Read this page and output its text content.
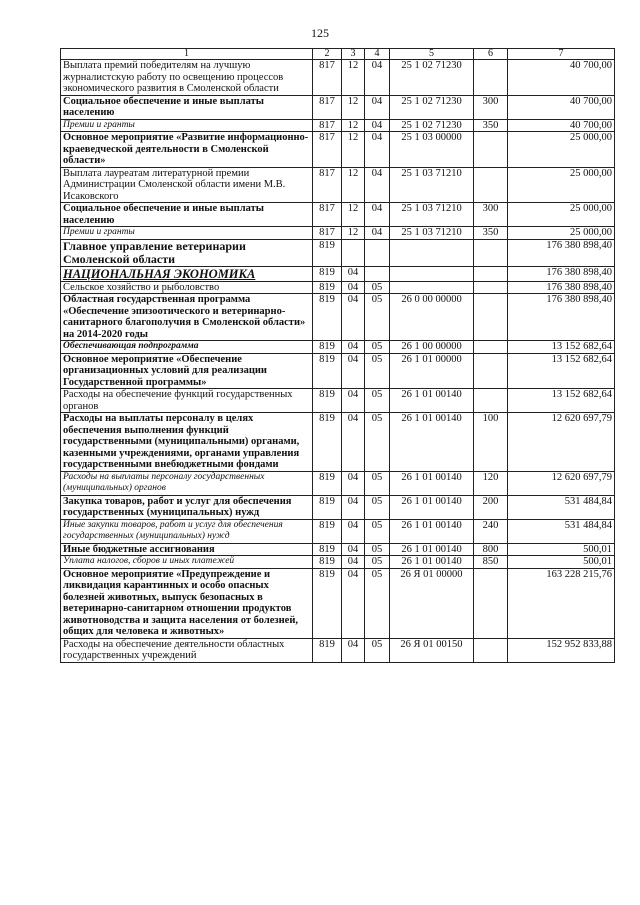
125
1	2	3	4	5	6	7
Выплата премий победителям на лучшую журналистскую работу по освещению процессов экономического развития в Смоленской области	817	12	04	25 1 02 71230		40 700,00
Социальное обеспечение и иные выплаты населению	817	12	04	25 1 02 71230	300	40 700,00
Премии и гранты	817	12	04	25 1 02 71230	350	40 700,00
Основное мероприятие «Развитие информационно-краеведческой деятельности в Смоленской области»	817	12	04	25 1 03 00000		25 000,00
Выплата лауреатам литературной премии Администрации Смоленской области имени М.В. Исаковского	817	12	04	25 1 03 71210		25 000,00
Социальное обеспечение и иные выплаты населению	817	12	04	25 1 03 71210	300	25 000,00
Премии и гранты	817	12	04	25 1 03 71210	350	25 000,00
Главное управление ветеринарии Смоленской области	819					176 380 898,40
НАЦИОНАЛЬНАЯ ЭКОНОМИКА	819	04				176 380 898,40
Сельское хозяйство и рыболовство	819	04	05			176 380 898,40
Областная государственная программа «Обеспечение эпизоотического и ветеринарно-санитарного благополучия в Смоленской области» на 2014-2020 годы	819	04	05	26 0 00 00000		176 380 898,40
Обеспечивающая подпрограмма	819	04	05	26 1 00 00000		13 152 682,64
Основное мероприятие «Обеспечение организационных условий для реализации Государственной программы»	819	04	05	26 1 01 00000		13 152 682,64
Расходы на обеспечение функций государственных органов	819	04	05	26 1 01 00140		13 152 682,64
Расходы на выплаты персоналу в целях обеспечения выполнения функций государственными (муниципальными) органами, казенными учреждениями, органами управления государственными внебюджетными фондами	819	04	05	26 1 01 00140	100	12 620 697,79
Расходы на выплаты персоналу государственных (муниципальных) органов	819	04	05	26 1 01 00140	120	12 620 697,79
Закупка товаров, работ и услуг для обеспечения государственных (муниципальных) нужд	819	04	05	26 1 01 00140	200	531 484,84
Иные закупки товаров, работ и услуг для обеспечения государственных (муниципальных) нужд	819	04	05	26 1 01 00140	240	531 484,84
Иные бюджетные ассигнования	819	04	05	26 1 01 00140	800	500,01
Уплата налогов, сборов и иных платежей	819	04	05	26 1 01 00140	850	500,01
Основное мероприятие «Предупреждение и ликвидация карантинных и особо опасных болезней животных, выпуск безопасных в ветеринарно-санитарном отношении продуктов животноводства и защита населения от болезней, общих для человека и животных»	819	04	05	26 Я 01 00000		163 228 215,76
Расходы на обеспечение деятельности областных государственных учреждений	819	04	05	26 Я 01 00150		152 952 833,88
